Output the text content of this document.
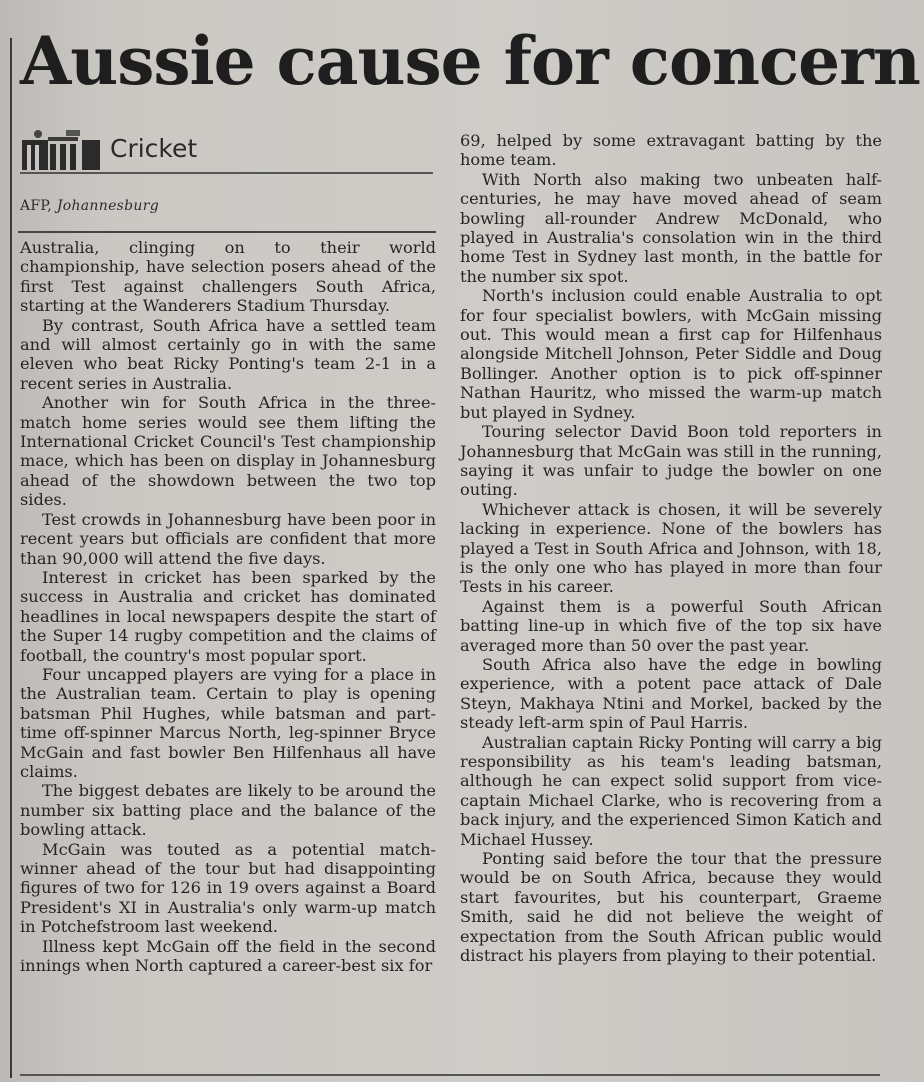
Aussie cause for concern
Cricket
AFP, Johannesburg

Australia, clinging on to their world championship, have selection posers ahead of the first Test against challengers South Africa, starting at the Wanderers Stadium Thursday.

By contrast, South Africa have a settled team and will almost certainly go in with the same eleven who beat Ricky Ponting's team 2-1 in a recent series in Australia.

Another win for South Africa in the three-match home series would see them lifting the International Cricket Council's Test championship mace, which has been on display in Johannesburg ahead of the showdown between the two top sides.

Test crowds in Johannesburg have been poor in recent years but officials are confident that more than 90,000 will attend the five days.

Interest in cricket has been sparked by the success in Australia and cricket has dominated headlines in local newspapers despite the start of the Super 14 rugby competition and the claims of football, the country's most popular sport.

Four uncapped players are vying for a place in the Australian team. Certain to play is opening batsman Phil Hughes, while batsman and part-time off-spinner Marcus North, leg-spinner Bryce McGain and fast bowler Ben Hilfenhaus all have claims.

The biggest debates are likely to be around the number six batting place and the balance of the bowling attack.

McGain was touted as a potential match-winner ahead of the tour but had disappointing figures of two for 126 in 19 overs against a Board President's XI in Australia's only warm-up match in Potchefstroom last weekend.

Illness kept McGain off the field in the second innings when North captured a career-best six for

69, helped by some extravagant batting by the home team.

With North also making two unbeaten half-centuries, he may have moved ahead of seam bowling all-rounder Andrew McDonald, who played in Australia's consolation win in the third home Test in Sydney last month, in the battle for the number six spot.

North's inclusion could enable Australia to opt for four specialist bowlers, with McGain missing out. This would mean a first cap for Hilfenhaus alongside Mitchell Johnson, Peter Siddle and Doug Bollinger. Another option is to pick off-spinner Nathan Hauritz, who missed the warm-up match but played in Sydney.

Touring selector David Boon told reporters in Johannesburg that McGain was still in the running, saying it was unfair to judge the bowler on one outing.

Whichever attack is chosen, it will be severely lacking in experience. None of the bowlers has played a Test in South Africa and Johnson, with 18, is the only one who has played in more than four Tests in his career.

Against them is a powerful South African batting line-up in which five of the top six have averaged more than 50 over the past year.

South Africa also have the edge in bowling experience, with a potent pace attack of Dale Steyn, Makhaya Ntini and Morkel, backed by the steady left-arm spin of Paul Harris.

Australian captain Ricky Ponting will carry a big responsibility as his team's leading batsman, although he can expect solid support from vice-captain Michael Clarke, who is recovering from a back injury, and the experienced Simon Katich and Michael Hussey.

Ponting said before the tour that the pressure would be on South Africa, because they would start favourites, but his counterpart, Graeme Smith, said he did not believe the weight of expectation from the South African public would distract his players from playing to their potential.
